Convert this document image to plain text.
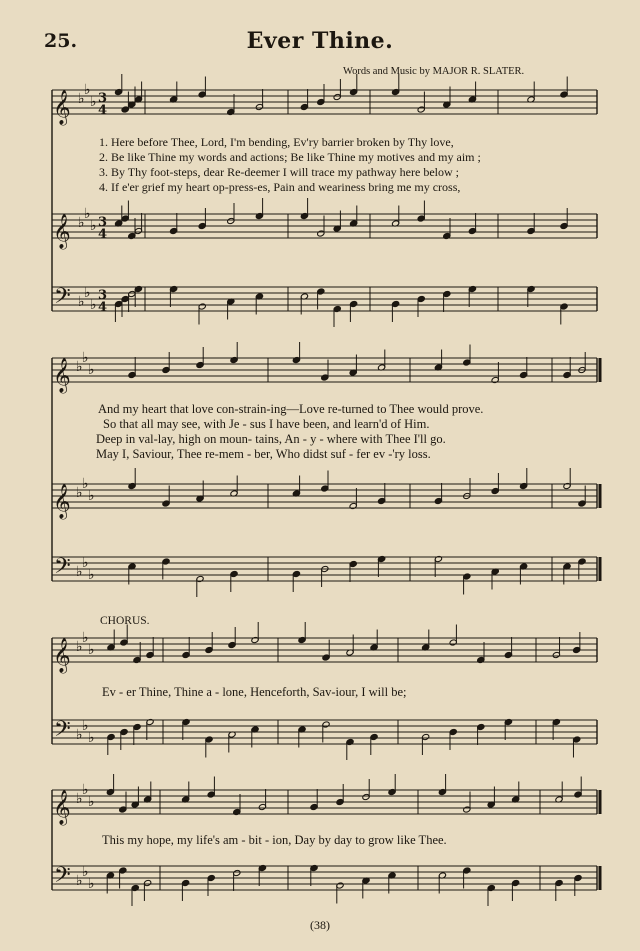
25.	Ever Thine.
Words and Music by MAJOR R. SLATER.
𝄞 ♭
♭
♭ 3
4
𝄞 ♭
♭
♭ 3
4
𝄢 ♭
♭
♭
3
4
𝄞 ♭
♭
♭
𝄞 ♭
♭
♭
𝄢 ♭
♭
♭
𝄞 ♭
♭
♭
𝄢 ♭
♭
♭
𝄞 ♭
♭
♭
𝄢 ♭
♭
♭
1. Here before Thee, Lord, I'm bending, Ev'ry barrier broken by Thy love,
2. Be like Thine my words and actions; Be like Thine my motives and my aim ;
3. By Thy foot-steps, dear Re-deemer I will trace my pathway here below ;
4. If e'er grief my heart op-press-es, Pain and weariness bring me my cross,
And my heart that love con-strain-ing—Love re-turned to Thee would prove.
So that all may see, with Je - sus I have been, and learn'd of Him.
Deep in val-lay, high on moun- tains, An - y - where with Thee I'll go.
May I, Saviour, Thee re-mem - ber, Who didst suf - fer ev -'ry loss.
CHORUS.
Ev - er Thine, Thine a - lone, Henceforth, Sav-iour, I will be;
This my hope, my life's am - bit - ion, Day by day to grow like Thee.
(38)
